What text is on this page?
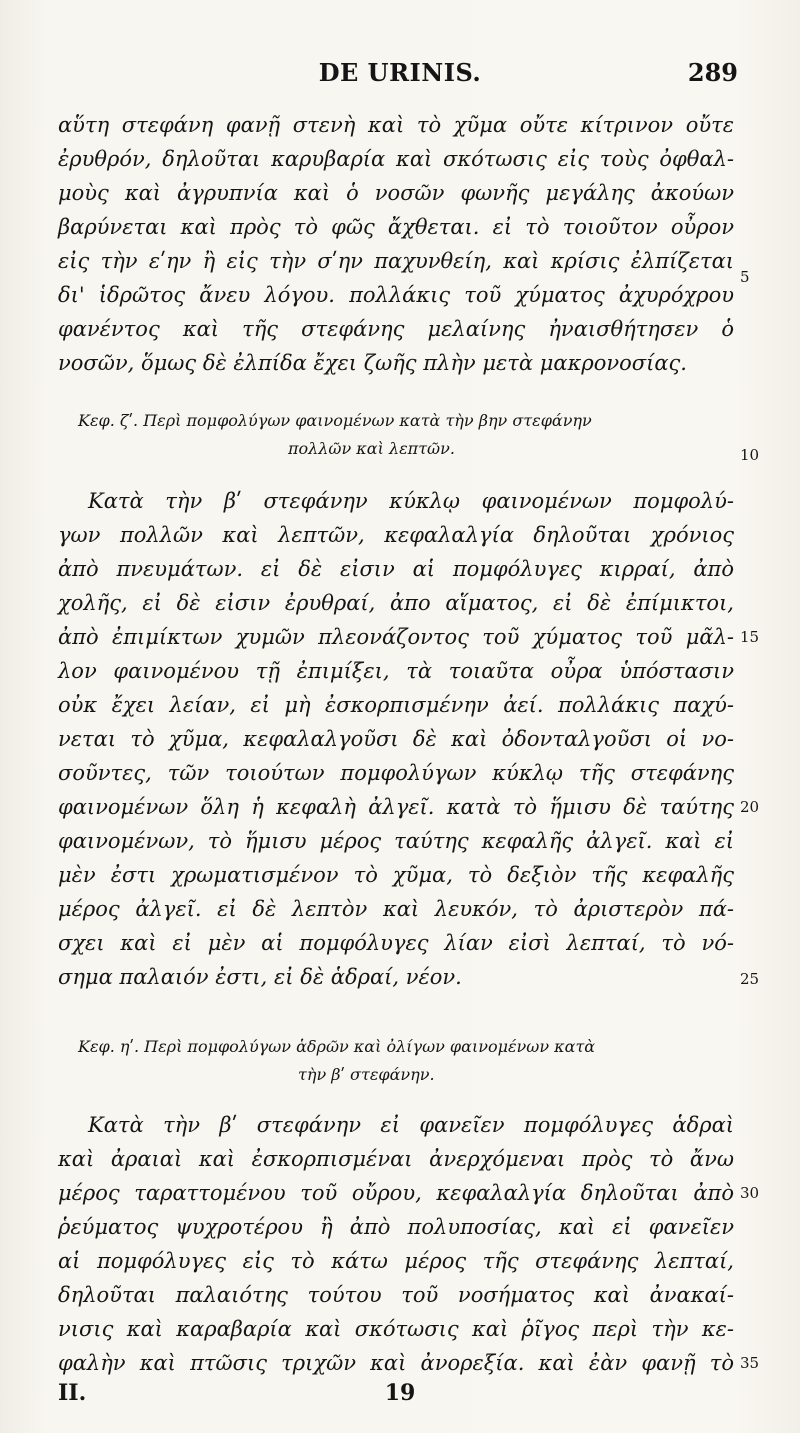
DE URINIS.	289
αὕτη στεφάνη φανῇ στενὴ καὶ τὸ χῦμα οὔτε κίτρινον οὔτε
ἐρυθρόν, δηλοῦται καρυβαρία καὶ σκότωσις εἰς τοὺς ὀφθαλ-
μοὺς καὶ ἀγρυπνία καὶ ὁ νοσῶν φωνῆς μεγάλης ἀκούων
βαρύνεται καὶ πρὸς τὸ φῶς ἄχθεται. εἰ τὸ τοιοῦτον οὖρον
εἰς τὴν εʹην ἢ εἰς τὴν σʹην παχυνθείη, καὶ κρίσις ἐλπίζεται
δι' ἱδρῶτος ἄνευ λόγου. πολλάκις τοῦ χύματος ἀχυρόχρου
φανέντος καὶ τῆς στεφάνης μελαίνης ἠναισθήτησεν ὁ
νοσῶν, ὅμως δὲ ἐλπίδα ἔχει ζωῆς πλὴν μετὰ μακρονοσίας.
Κεφ. ζʹ. Περὶ πομφολύγων φαινομένων κατὰ τὴν βην στεφάνην
πολλῶν καὶ λεπτῶν.
Κατὰ τὴν βʹ στεφάνην κύκλῳ φαινομένων πομφολύ-
γων πολλῶν καὶ λεπτῶν, κεφαλαλγία δηλοῦται χρόνιος
ἀπὸ πνευμάτων. εἰ δὲ εἰσιν αἱ πομφόλυγες κιρραί, ἀπὸ
χολῆς, εἰ δὲ εἰσιν ἐρυθραί, ἀπο αἵματος, εἰ δὲ ἐπίμικτοι,
ἀπὸ ἐπιμίκτων χυμῶν πλεονάζοντος τοῦ χύματος τοῦ μᾶλ-
λον φαινομένου τῇ ἐπιμίξει, τὰ τοιαῦτα οὖρα ὑπόστασιν
οὐκ ἔχει λείαν, εἰ μὴ ἐσκορπισμένην ἀεί. πολλάκις παχύ-
νεται τὸ χῦμα, κεφαλαλγοῦσι δὲ καὶ ὀδονταλγοῦσι οἱ νο-
σοῦντες, τῶν τοιούτων πομφολύγων κύκλῳ τῆς στεφάνης
φαινομένων ὅλη ἡ κεφαλὴ ἀλγεῖ. κατὰ τὸ ἥμισυ δὲ ταύτης
φαινομένων, τὸ ἥμισυ μέρος ταύτης κεφαλῆς ἀλγεῖ. καὶ εἰ
μὲν ἐστι χρωματισμένον τὸ χῦμα, τὸ δεξιὸν τῆς κεφαλῆς
μέρος ἀλγεῖ. εἰ δὲ λεπτὸν καὶ λευκόν, τὸ ἀριστερὸν πά-
σχει καὶ εἰ μὲν αἱ πομφόλυγες λίαν εἰσὶ λεπταί, τὸ νό-
σημα παλαιόν ἐστι, εἰ δὲ ἁδραί, νέον.
Κεφ. ηʹ. Περὶ πομφολύγων ἁδρῶν καὶ ὀλίγων φαινομένων κατὰ
τὴν βʹ στεφάνην.
Κατὰ τὴν βʹ στεφάνην εἰ φανεῖεν πομφόλυγες ἁδραὶ
καὶ ἀραιαὶ καὶ ἐσκορπισμέναι ἀνερχόμεναι πρὸς τὸ ἄνω
μέρος ταραττομένου τοῦ οὔρου, κεφαλαλγία δηλοῦται ἀπὸ
ῥεύματος ψυχροτέρου ἢ ἀπὸ πολυποσίας, καὶ εἰ φανεῖεν
αἱ πομφόλυγες εἰς τὸ κάτω μέρος τῆς στεφάνης λεπταί,
δηλοῦται παλαιότης τούτου τοῦ νοσήματος καὶ ἀνακαί-
νισις καὶ καραβαρία καὶ σκότωσις καὶ ῥῖγος περὶ τὴν κε-
φαλὴν καὶ πτῶσις τριχῶν καὶ ἀνορεξία. καὶ ἐὰν φανῇ τὸ
5
10
15
20
25
30
35
II.	19
